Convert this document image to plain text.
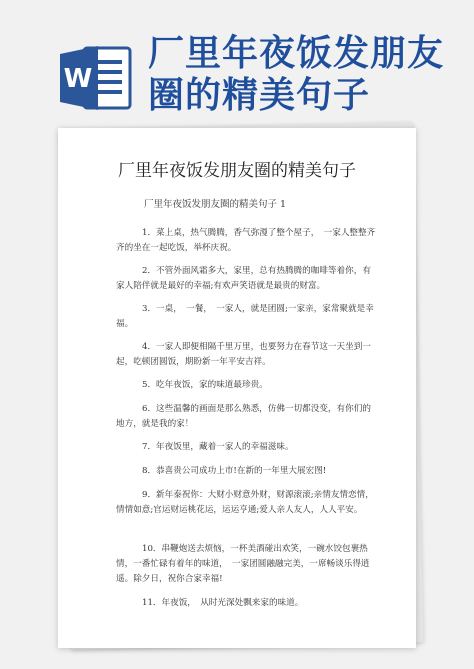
W
厂里年夜饭发朋友
圈的精美句子
厂里年夜饭发朋友圈的精美句子
厂里年夜饭发朋友圈的精美句子 1
1．菜上桌，热气腾腾，香气弥漫了整个屋子，　一家人整整齐齐的坐在一起吃饭，举杯庆祝。
2．不管外面风霜多大，家里，总有热腾腾的咖啡等着你，有家人陪伴就是最好的幸福;有欢声笑语就是最贵的财富。
3．一桌，　一餐，　一家人，就是团圆;一家亲，家常聚就是幸福。
4．一家人即便相隔千里万里，也要努力在春节这一天坐到一起，吃顿团圆饭，期盼新一年平安吉祥。
5．吃年夜饭，家的味道最珍贵。
6．这些温馨的画面是那么熟悉，仿佛一切都没变，有你们的地方，就是我的家！
7．年夜饭里，藏着一家人的幸福滋味。
8．恭喜贵公司成功上市!在新的一年里大展宏图!
9．新年泰祝你：大财小财意外财，财源滚滚;亲情友情恋情，情情如意;官运财运桃花运，运运亨通;爱人亲人友人，人人平安。
10．串鞭炮送去烦恼，一杯美酒碰出欢笑，一碗水饺包裹热情，一番忙碌有着年的味道，　一家团圆融融完美，一席畅谈乐得逍遥。除夕日，祝你合家幸福!
11．年夜饭，　从时光深处飘来家的味道。
